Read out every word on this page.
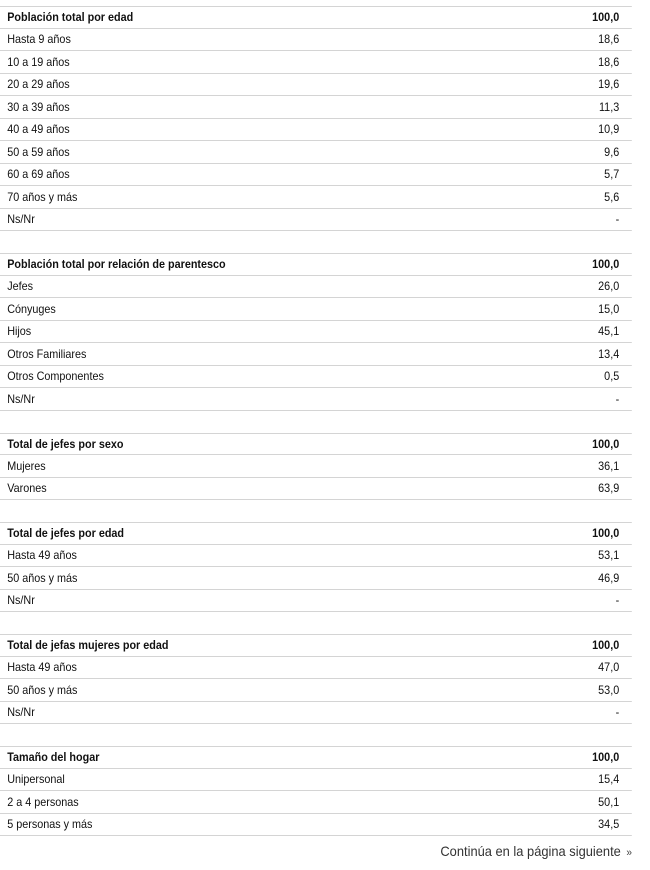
Población total por edad	100,0
Hasta 9 años	18,6
10 a 19 años	18,6
20 a 29 años	19,6
30 a 39 años	11,3
40 a 49 años	10,9
50 a 59 años	9,6
60 a 69 años	5,7
70 años y más	5,6
Ns/Nr	-
Población total por relación de parentesco	100,0
Jefes	26,0
Cónyuges	15,0
Hijos	45,1
Otros Familiares	13,4
Otros Componentes	0,5
Ns/Nr	-
Total de jefes por sexo	100,0
Mujeres	36,1
Varones	63,9
Total de jefes por edad	100,0
Hasta 49 años	53,1
50 años y más	46,9
Ns/Nr	-
Total de jefas mujeres por edad	100,0
Hasta 49 años	47,0
50 años y más	53,0
Ns/Nr	-
Tamaño del hogar	100,0
Unipersonal	15,4
2 a 4 personas	50,1
5 personas y más	34,5
Continúa en la página siguiente »
